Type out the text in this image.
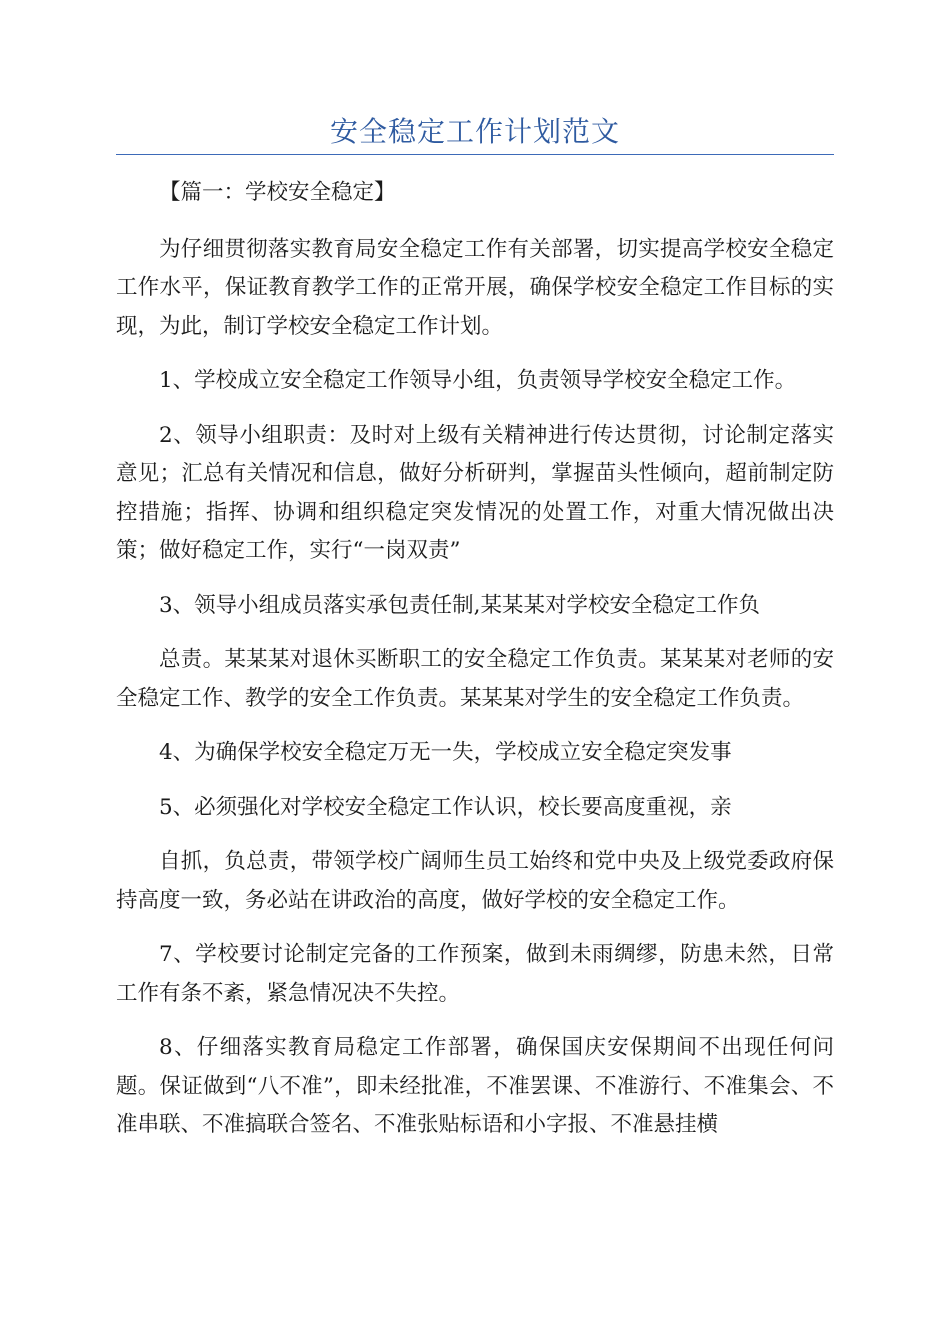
安全稳定工作计划范文

【篇一：学校安全稳定】

为仔细贯彻落实教育局安全稳定工作有关部署，切实提高学校安全稳定工作水平，保证教育教学工作的正常开展，确保学校安全稳定工作目标的实现，为此，制订学校安全稳定工作计划。

1、学校成立安全稳定工作领导小组，负责领导学校安全稳定工作。

2、领导小组职责：及时对上级有关精神进行传达贯彻，讨论制定落实意见；汇总有关情况和信息，做好分析研判，掌握苗头性倾向，超前制定防控措施；指挥、协调和组织稳定突发情况的处置工作，对重大情况做出决策；做好稳定工作，实行“一岗双责”

3、领导小组成员落实承包责任制,某某某对学校安全稳定工作负

总责。某某某对退休买断职工的安全稳定工作负责。某某某对老师的安全稳定工作、教学的安全工作负责。某某某对学生的安全稳定工作负责。

4、为确保学校安全稳定万无一失，学校成立安全稳定突发事

5、必须强化对学校安全稳定工作认识，校长要高度重视，亲

自抓，负总责，带领学校广阔师生员工始终和党中央及上级党委政府保持高度一致，务必站在讲政治的高度，做好学校的安全稳定工作。

7、学校要讨论制定完备的工作预案，做到未雨绸缪，防患未然，日常工作有条不紊，紧急情况决不失控。

8、仔细落实教育局稳定工作部署，确保国庆安保期间不出现任何问题。保证做到“八不准”，即未经批准，不准罢课、不准游行、不准集会、不准串联、不准搞联合签名、不准张贴标语和小字报、不准悬挂横
